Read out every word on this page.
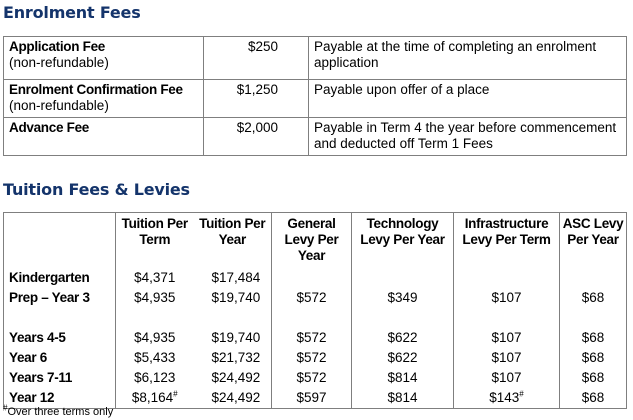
Enrolment Fees
Application Fee
(non-refundable)	$250	Payable at the time of completing an enrolment application

Enrolment Confirmation Fee
(non-refundable)	$1,250	Payable upon offer of a place

Advance Fee	$2,000	Payable in Term 4 the year before commencement and deducted off Term 1 Fees
Tuition Fees & Levies
	Tuition Per Term	Tuition Per Year	General Levy Per Year	Technology Levy Per Year	Infrastructure Levy Per Term	ASC Levy Per Year
Kindergarten	$4,371	$17,484				
Prep – Year 3	$4,935	$19,740	$572	$349	$107	$68

Years 4-5	$4,935	$19,740	$572	$622	$107	$68
Year 6	$5,433	$21,732	$572	$622	$107	$68
Years 7-11	$6,123	$24,492	$572	$814	$107	$68
Year 12	$8,164#	$24,492	$597	$814	$143#	$68

#Over three terms only
